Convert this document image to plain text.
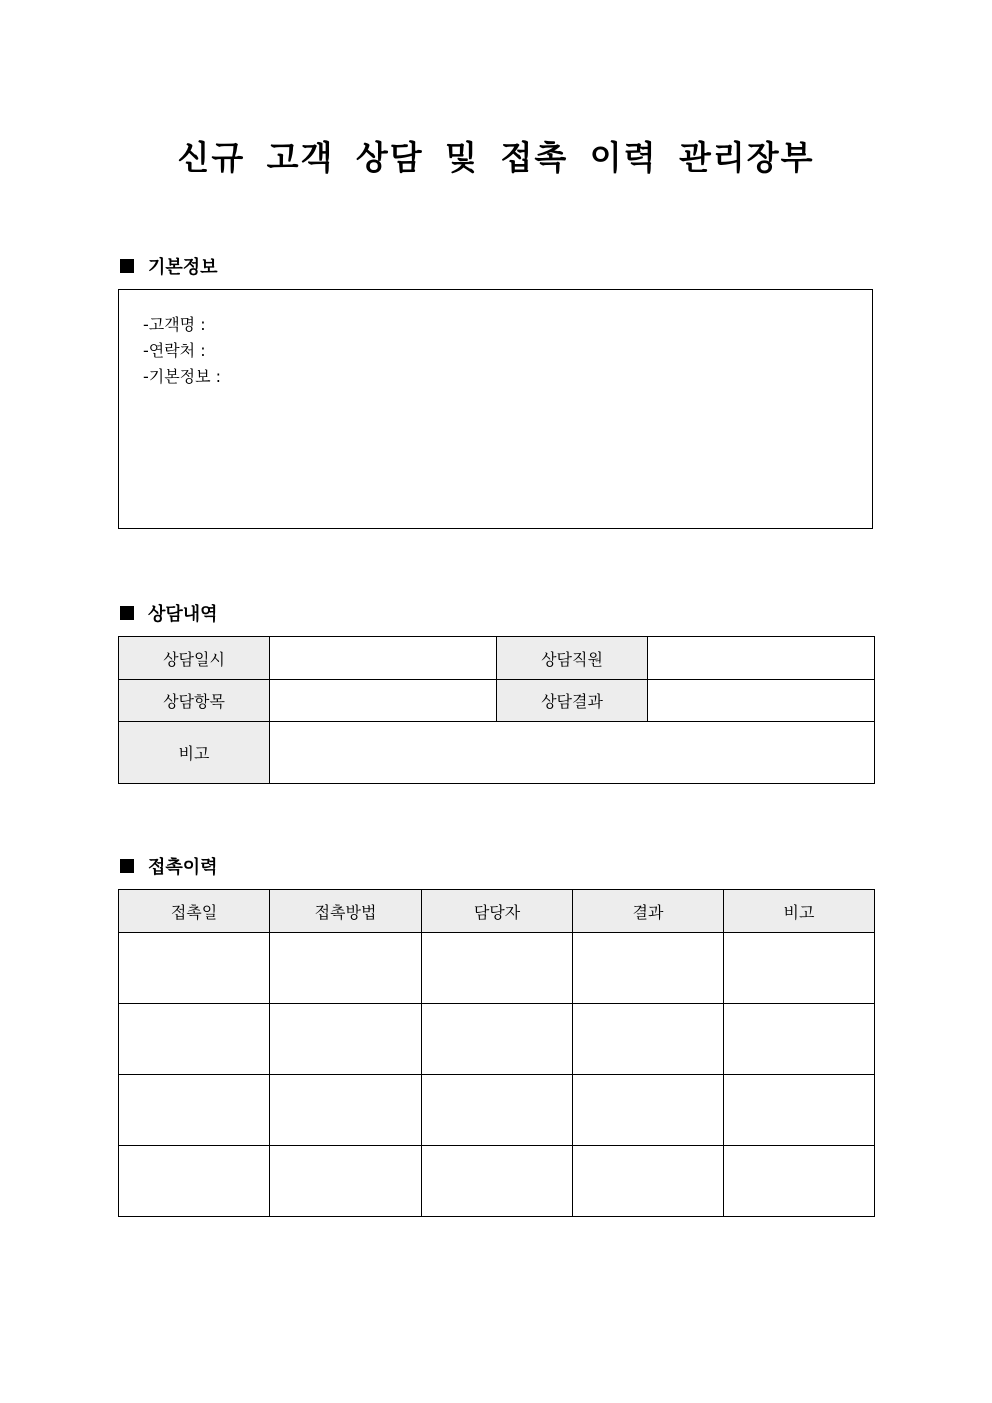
신규 고객 상담 및 접촉 이력 관리장부
기본정보
-고객명 :
-연락처 :
-기본정보 :
상담내역
상담일시		상담직원	
상담항목		상담결과	
비고			
접촉이력
접촉일	접촉방법	담당자	결과	비고
